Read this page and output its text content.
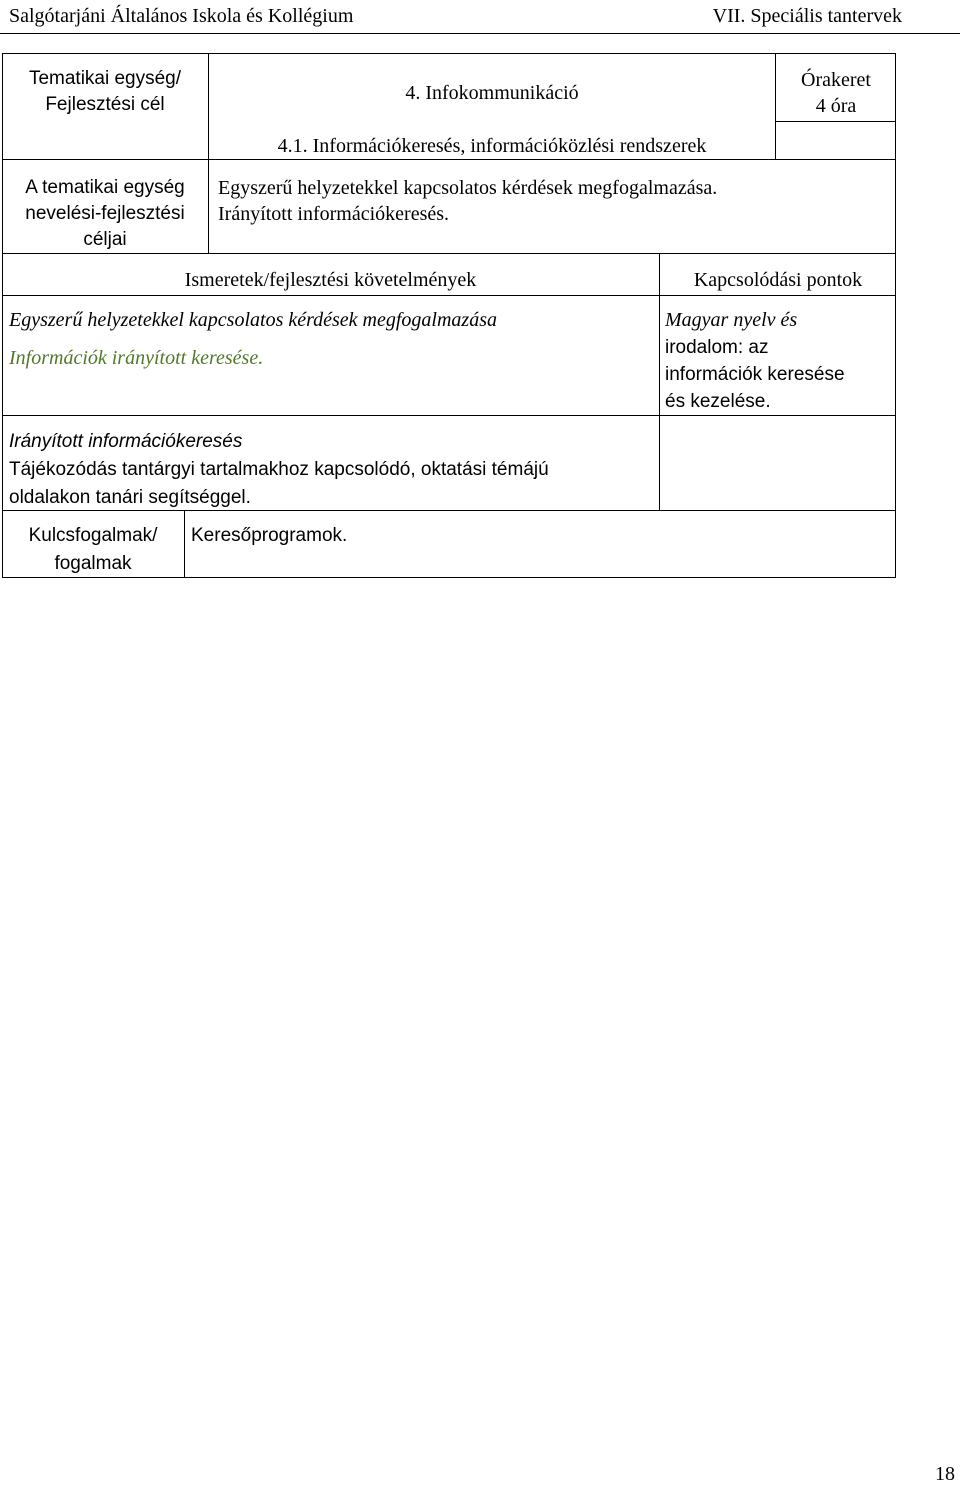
Salgótarjáni Általános Iskola és Kollégium	VII. Speciális tantervek
Tematikai egység/
Fejlesztési cél
4. Infokommunikáció
Órakeret
4 óra
4.1. Információkeresés, információközlési rendszerek
A tematikai egység
nevelési-fejlesztési
céljai
Egyszerű helyzetekkel kapcsolatos kérdések megfogalmazása.
Irányított információkeresés.
Ismeretek/fejlesztési követelmények	Kapcsolódási pontok
Egyszerű helyzetekkel kapcsolatos kérdések megfogalmazása
Információk irányított keresése.
Magyar nyelv és
irodalom: az
információk keresése
és kezelése.
Irányított információkeresés
Tájékozódás tantárgyi tartalmakhoz kapcsolódó, oktatási témájú
oldalakon tanári segítséggel.
Kulcsfogalmak/
fogalmak
Keresőprogramok.
18
